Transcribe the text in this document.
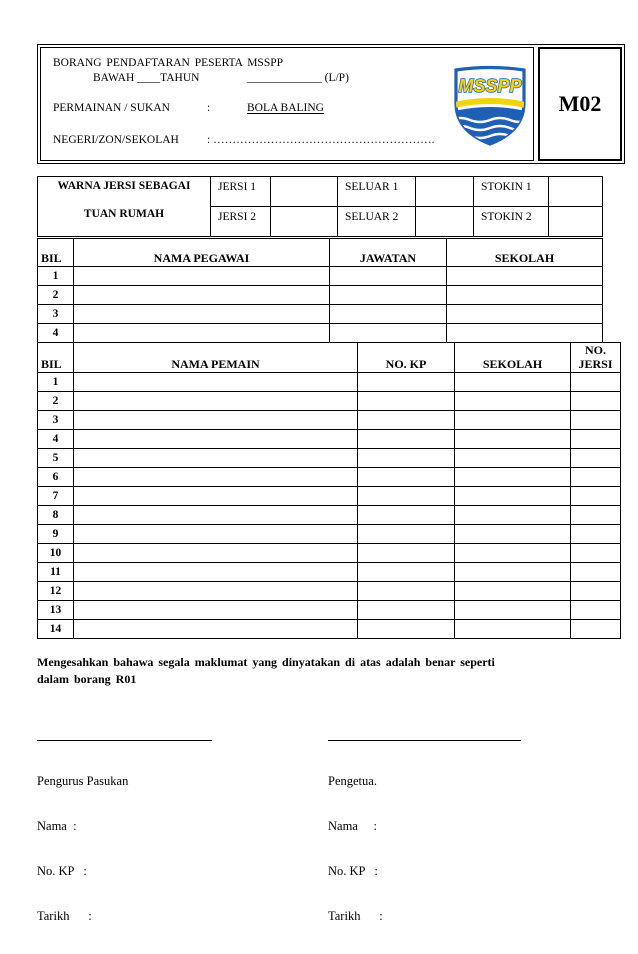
M02
BORANG PENDAFTARAN PESERTA MSSPP
BAWAH ____TAHUN	_____________ (L/P)
PERMAINAN / SUKAN	:	BOLA BALING
NEGERI/ZON/SEKOLAH : ………………………………………………….
MSSPP
WARNA JERSI SEBAGAI
TUAN RUMAH	JERSI 1		SELUAR 1		STOKIN 1	
	JERSI 2		SELUAR 2		STOKIN 2	
BIL	NAMA PEGAWAI	JAWATAN	SEKOLAH
1			
2			
3			
4			
BIL	NAMA PEMAIN	NO. KP	SEKOLAH	NO.
JERSI

1				
2				
3				
4				
5				
6				
7				
8				
9				
10				
11				
12				
13				
14				
Mengesahkan bahawa segala maklumat yang dinyatakan di atas adalah benar seperti
dalam borang R01

Pengurus Pasukan

Nama  :

No. KP   :

Tarikh      :

Pengetua.

Nama     :

No. KP   :

Tarikh      :
